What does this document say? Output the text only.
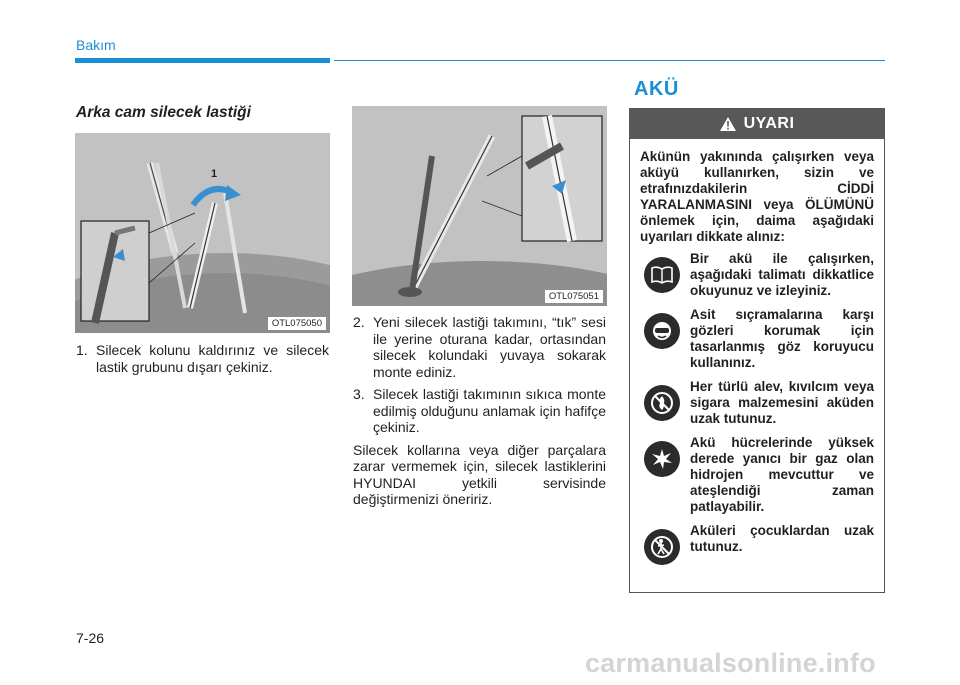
Bakım
Arka cam silecek lastiği
1
OTL075050
1. Silecek kolunu kaldırınız ve silecek lastik grubunu dışarı çekiniz.
OTL075051
2. Yeni silecek lastiği takımını, “tık” sesi ile yerine oturana kadar, ortasından silecek kolundaki yuvaya sokarak monte ediniz.
3. Silecek lastiği takımının sıkıca monte edilmiş olduğunu anlamak için hafifçe çekiniz.
Silecek kollarına veya diğer parçalara zarar vermemek için, silecek lastiklerini HYUNDAI yetkili servisinde değiştirmenizi öneririz.
AKÜ
UYARI
Akünün yakınında çalışırken veya aküyü kullanırken, sizin ve etrafınızdakilerin CİDDİ YARALANMASINI veya ÖLÜMÜNÜ önlemek için, daima aşağıdaki uyarıları dikkate alınız:
Bir akü ile çalışırken, aşağıdaki talimatı dikkatlice okuyunuz ve izleyiniz.
Asit sıçramalarına karşı gözleri korumak için tasarlanmış göz koruyucu kullanınız.
Her türlü alev, kıvılcım veya sigara malzemesini aküden uzak tutunuz.
Akü hücrelerinde yüksek derede yanıcı bir gaz olan hidrojen mevcuttur ve ateşlendiği zaman patlayabilir.
Aküleri çocuklardan uzak tutunuz.
7-26
carmanualsonline.info
